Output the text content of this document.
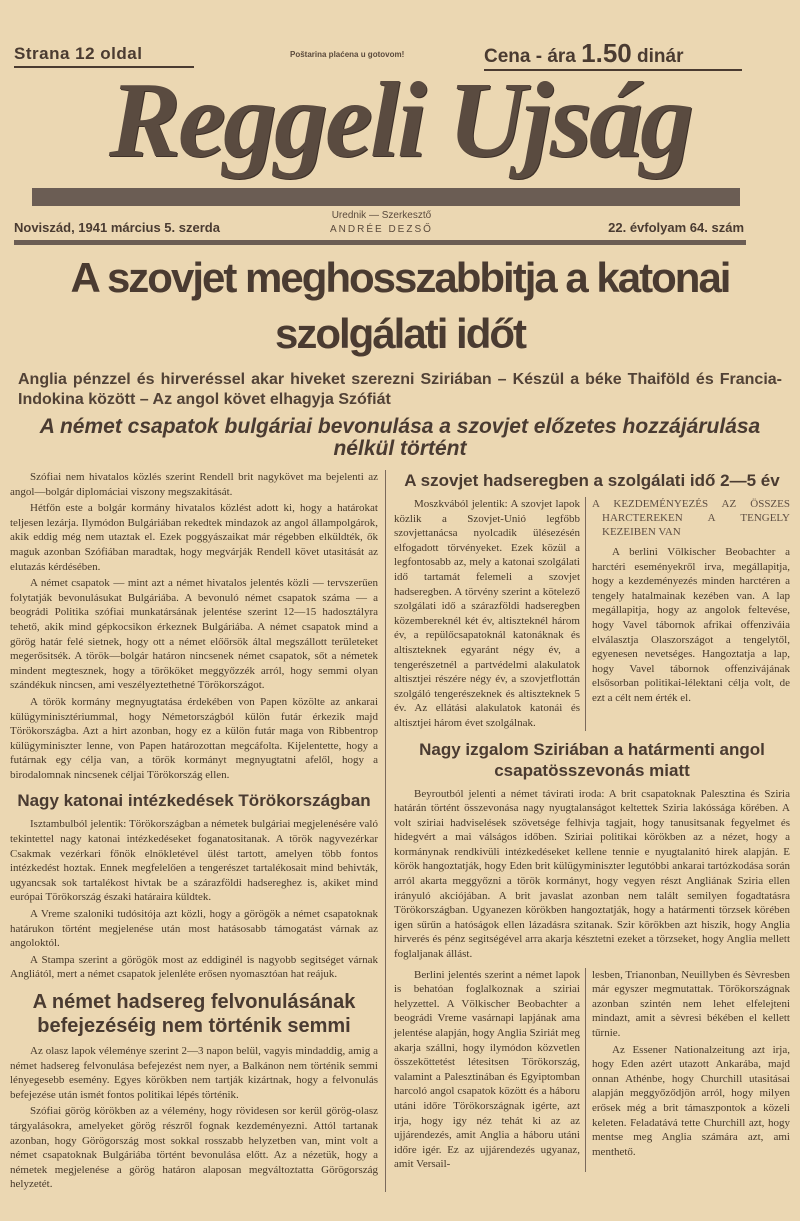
Strana 12 oldal	Poštarina plaćena u gotovom!	Cena - ára 1.50 dinár
Reggeli Ujság
Noviszád, 1941 március 5. szerda
Urednik — Szerkesztő
ANDRÉE DEZSŐ	22. évfolyam 64. szám
A szovjet meghosszabbitja a katonai
szolgálati időt
Anglia pénzzel és hirveréssel akar hiveket szerezni Sziriában – Készül a béke Thaiföld és Francia-Indokina között – Az angol követ elhagyja Szófiát
A német csapatok bulgáriai bevonulása a szovjet előzetes hozzájárulása nélkül történt

Szófiai nem hivatalos közlés szerint Rendell brit nagykövet ma bejelenti az angol—bolgár diplomáciai viszony megszakitását.

Hétfőn este a bolgár kormány hivatalos közlést adott ki, hogy a határokat teljesen lezárja. Ilymódon Bulgáriában rekedtek mindazok az angol állampolgárok, akik eddig még nem utaztak el. Ezek poggyászaikat már régebben elküldték, ők maguk azonban Szófiában maradtak, hogy megvárják Rendell követ utasitását az elutazás kérdésében.

A német csapatok — mint azt a német hivatalos jelentés közli — tervszerűen folytatják bevonulásukat Bulgáriába. A bevonuló német csapatok száma — a beográdi Politika szófiai munkatársának jelentése szerint 12—15 hadosztályra tehető, akik mind gépkocsikon érkeznek Bulgáriába. A német csapatok mind a görög határ felé sietnek, hogy ott a német előőrsök által megszállott területeket megerősitsék. A török—bolgár határon nincsenek német csapatok, sőt a németek mindent megtesznek, hogy a törököket meggyőzzék arról, hogy semmi olyan szándékuk nincsen, ami veszélyeztethetné Törökországot.

A török kormány megnyugtatása érdekében von Papen közölte az ankarai külügyminisztériummal, hogy Németországból külön futár érkezik majd Törökországba. Azt a hirt azonban, hogy ez a külön futár maga von Ribbentrop külügyminiszter lenne, von Papen határozottan megcáfolta. Kijelentette, hogy a futárnak egy célja van, a török kormányt megnyugtatni afelől, hogy a birodalomnak nincsenek céljai Törökország ellen.

Nagy katonai intézkedések Törökországban

Isztambulból jelentik: Törökországban a németek bulgáriai megjelenésére való tekintettel nagy katonai intézkedéseket foganatositanak. A török nagyvezérkar Csakmak vezérkari főnök elnökletével ülést tartott, amelyen több fontos intézkedést hoztak. Ennek megfelelően a tengerészet tartalékosait mind behivták, ugyancsak sok tartalékost hivtak be a szárazföldi hadsereghez is, akiket mind európai Törökország északi határaira küldtek.

A Vreme szaloniki tudósitója azt közli, hogy a görögök a német csapatoknak határukon történt megjelenése után most hatásosabb támogatást várnak az angoloktól.

A Stampa szerint a görögök most az eddiginél is nagyobb segitséget várnak Angliától, mert a német csapatok jelenléte erősen nyomasztóan hat reájuk.

A német hadsereg felvonulásának befejezéséig nem történik semmi

Az olasz lapok véleménye szerint 2—3 napon belül, vagyis mindaddig, amig a német hadsereg felvonulása befejezést nem nyer, a Balkánon nem történik semmi lényegesebb esemény. Egyes körökben nem tartják kizártnak, hogy a felvonulás befejezése után ismét fontos politikai lépés történik.

Szófiai görög körökben az a vélemény, hogy rövidesen sor kerül görög-olasz tárgyalásokra, amelyeket görög részről fognak kezdeményezni. Attól tartanak azonban, hogy Görögország most sokkal rosszabb helyzetben van, mint volt a német csapatoknak Bulgáriába történt bevonulása előtt. Az a nézetük, hogy a németek megjelenése a görög határon alaposan megváltoztatta Görögország helyzetét.

A szovjet hadseregben a szolgálati idő 2—5 év

Moszkvából jelentik: A szovjet lapok közlik a Szovjet-Unió legfőbb szovjettanácsa nyolcadik ülésezésén elfogadott törvényeket. Ezek közül a legfontosabb az, mely a katonai szolgálati idő tartamát felemeli a szovjet hadseregben. A törvény szerint a kötelező szolgálati idő a szárazföldi hadseregben közembereknél két év, altiszteknél három év, a repülőcsapatoknál katonáknak és altiszteknek egyaránt négy év, a tengerészetnél a partvédelmi alakulatok altisztjei részére négy év, a szovjetflottán szolgáló tengerészeknek és altiszteknek 5 év. Az ellátási alakulatok katonái és altisztjei három évet szolgálnak.

A KEZDEMÉNYEZÉS AZ ÖSSZES HARCTEREKEN A TENGELY KEZEIBEN VAN

A berlini Völkischer Beobachter a harctéri eseményekről irva, megállapitja, hogy a kezdeményezés minden harctéren a tengely hatalmainak kezében van. A lap megállapitja, hogy az angolok feltevése, hogy Vavel tábornok afrikai offenziváia elválasztja Olaszországot a tengelytől, egyenesen nevetséges. Hangoztatja a lap, hogy Vavel tábornok offenzivájának elsősorban politikai-lélektani célja volt, de ezt a célt nem érték el.

Nagy izgalom Sziriában a határmenti angol csapatösszevonás miatt

Beyroutból jelenti a német távirati iroda: A brit csapatoknak Palesztina és Sziria határán történt összevonása nagy nyugtalanságot keltettek Sziria lakóssága körében. A volt sziriai hadviselések szövetsége felhivja tagjait, hogy tanusitsanak fegyelmet és hidegvért a mai válságos időben. Sziriai politikai körökben az a nézet, hogy a kormánynak rendkivüli intézkedéseket kellene tennie e nyugtalanitó hirek alapján. E körök hangoztatják, hogy Eden brit külügyminiszter legutóbbi ankarai tartózkodása során arról akarta meggyőzni a török kormányt, hogy vegyen részt Angliának Sziria ellen irányuló akciójában. A brit javaslat azonban nem talált semilyen fogadtatásra Törökországban. Ugyanezen körökben hangoztatják, hogy a határmenti törzsek körében igen sűrűn a hatóságok ellen lázadásra szitanak. Szir körökben azt hiszik, hogy Anglia hirverés és pénz segitségével arra akarja késztetni ezeket a törzseket, hogy Anglia mellett foglaljanak állást.

Berlini jelentés szerint a német lapok is behatóan foglalkoznak a sziriai helyzettel. A Völkischer Beobachter a beográdi Vreme vasárnapi lapjának ama jelentése alapján, hogy Anglia Sziriát meg akarja szállni, hogy ilymódon közvetlen összeköttetést létesitsen Törökország, valamint a Palesztinában és Egyiptomban harcoló angol csapatok között és a háboru utáni időre Törökországnak igérte, azt irja, hogy igy néz tehát ki az az ujjárendezés, amit Anglia a háboru utáni időre igér. Ez az ujjárendezés ugyanaz, amit Versail-

lesben, Trianonban, Neuillyben és Sèvresben már egyszer megmutattak. Törökországnak azonban szintén nem lehet elfelejteni mindazt, amit a sèvresi békében el kellett tűrnie.

Az Essener Nationalzeitung azt irja, hogy Eden azért utazott Ankarába, majd onnan Athénbe, hogy Churchill utasitásai alapján meggyőződjön arról, hogy milyen erősek még a brit támaszpontok a közeli keleten. Feladatává tette Churchill azt, hogy mentse meg Anglia számára azt, ami menthető.
